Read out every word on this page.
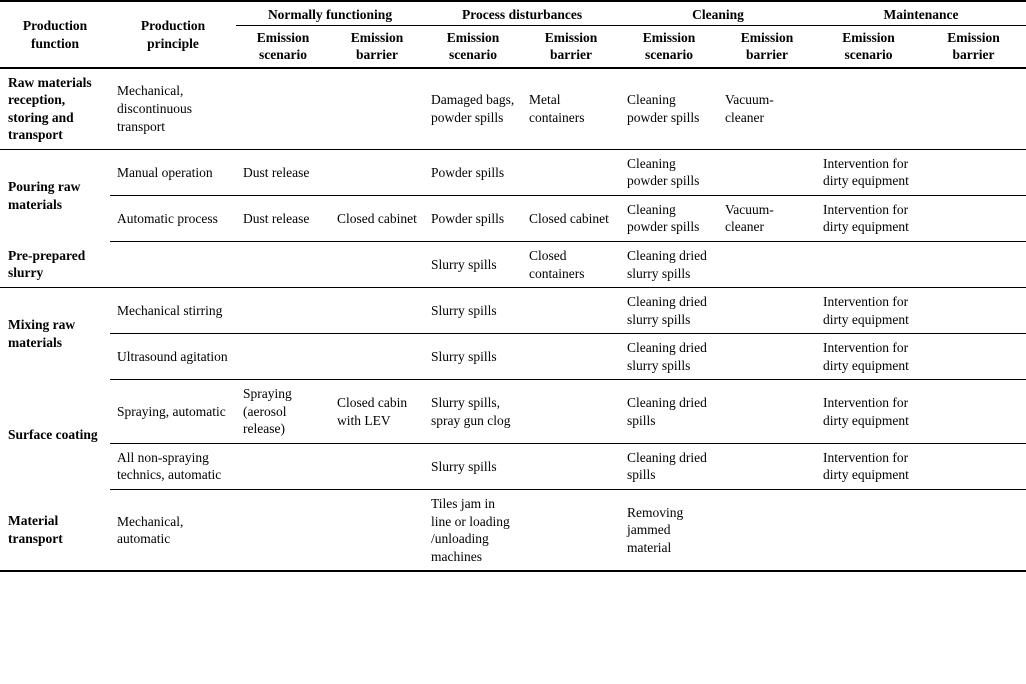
Production function	Production principle	Normally functioning		Process disturbances		Cleaning		Maintenance	
		Emission scenario	Emission barrier	Emission scenario	Emission barrier	Emission scenario	Emission barrier	Emission scenario	Emission barrier
Raw materials reception, storing and transport	Mechanical, discontinuous transport			Damaged bags, powder spills	Metal containers	Cleaning powder spills	Vacuum-cleaner		
Pouring raw materials	Manual operation	Dust release		Powder spills		Cleaning powder spills		Intervention for dirty equipment	
	Automatic process	Dust release	Closed cabinet	Powder spills	Closed cabinet	Cleaning powder spills	Vacuum-cleaner	Intervention for dirty equipment	
Pre-prepared slurry				Slurry spills	Closed containers	Cleaning dried slurry spills			
Mixing raw materials	Mechanical stirring			Slurry spills		Cleaning dried slurry spills		Intervention for dirty equipment	
	Ultrasound agitation			Slurry spills		Cleaning dried slurry spills		Intervention for dirty equipment	
Surface coating	Spraying, automatic	Spraying (aerosol release)	Closed cabin with LEV	Slurry spills, spray gun clog		Cleaning dried spills		Intervention for dirty equipment	
	All non-spraying technics, automatic			Slurry spills		Cleaning dried spills		Intervention for dirty equipment	
Material transport	Mechanical, automatic			Tiles jam in line or loading /unloading machines		Removing jammed material			
